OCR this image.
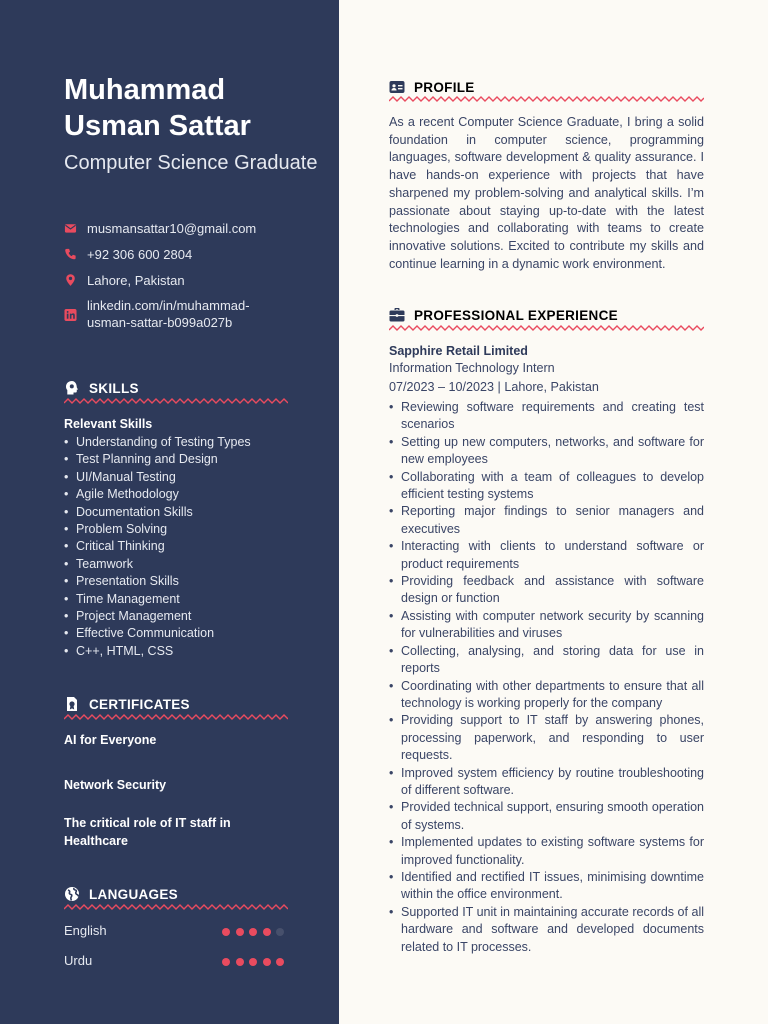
Muhammad Usman Sattar
Computer Science Graduate
musmansattar10@gmail.com
+92 306 600 2804
Lahore, Pakistan
linkedin.com/in/muhammad-usman-sattar-b099a027b
SKILLS
Relevant Skills
• Understanding of Testing Types
• Test Planning and Design
• UI/Manual Testing
• Agile Methodology
• Documentation Skills
• Problem Solving
• Critical Thinking
• Teamwork
• Presentation Skills
• Time Management
• Project Management
• Effective Communication
• C++, HTML, CSS
CERTIFICATES
AI for Everyone
Network Security
The critical role of IT staff in Healthcare
LANGUAGES
English
Urdu
PROFILE
As a recent Computer Science Graduate, I bring a solid foundation in computer science, programming languages, software development & quality assurance. I have hands-on experience with projects that have sharpened my problem-solving and analytical skills. I’m passionate about staying up-to-date with the latest technologies and collaborating with teams to create innovative solutions. Excited to contribute my skills and continue learning in a dynamic work environment.
PROFESSIONAL EXPERIENCE
Sapphire Retail Limited
Information Technology Intern
07/2023 – 10/2023 | Lahore, Pakistan
• Reviewing software requirements and creating test scenarios
• Setting up new computers, networks, and software for new employees
• Collaborating with a team of colleagues to develop efficient testing systems
• Reporting major findings to senior managers and executives
• Interacting with clients to understand software or product requirements
• Providing feedback and assistance with software design or function
• Assisting with computer network security by scanning for vulnerabilities and viruses
• Collecting, analysing, and storing data for use in reports
• Coordinating with other departments to ensure that all technology is working properly for the company
• Providing support to IT staff by answering phones, processing paperwork, and responding to user requests.
• Improved system efficiency by routine troubleshooting of different software.
• Provided technical support, ensuring smooth operation of systems.
• Implemented updates to existing software systems for improved functionality.
• Identified and rectified IT issues, minimising downtime within the office environment.
• Supported IT unit in maintaining accurate records of all hardware and software and developed documents related to IT processes.
